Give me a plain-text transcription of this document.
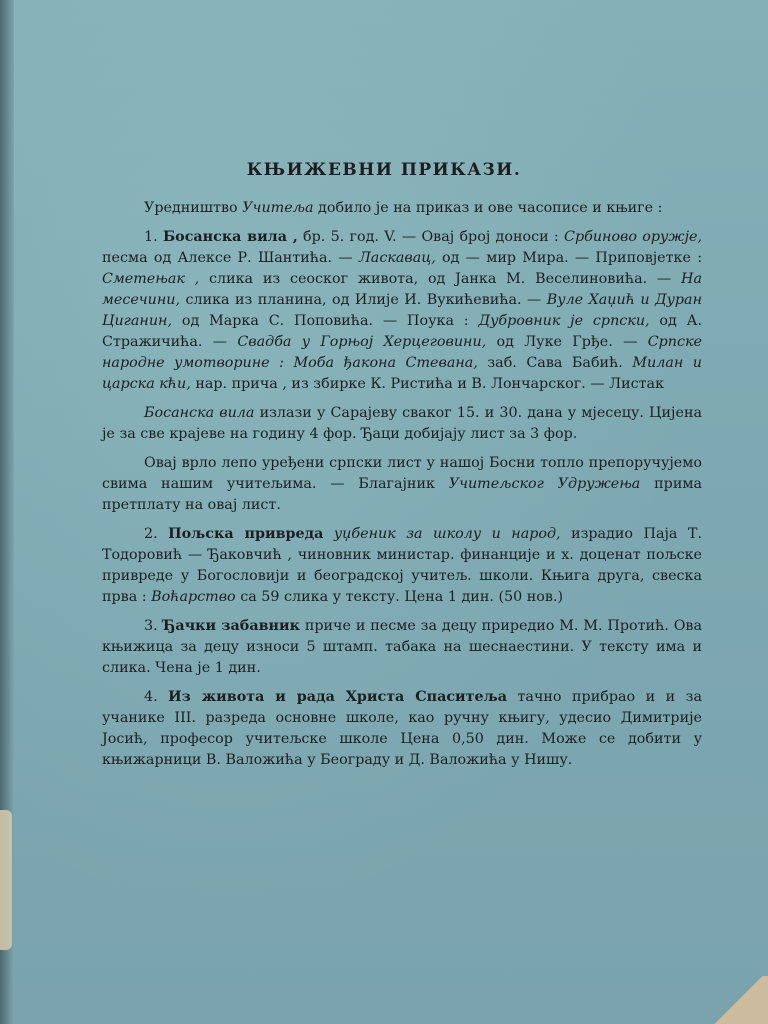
КЊИЖЕВНИ ПРИКАЗИ.

Уредништво Учитеља добило је на приказ и ове часописе и књиге :

1. Босанска вила , бр. 5. год. V. — Овај број доноси : Србиново оружје, песма од Алексе Р. Шантића. — Ласкавац, од — мир Мира. — Приповјетке : Сметењак , слика из сеоског живота, од Јанка М. Веселиновића. — На месечини, слика из планина, од Илије И. Вукићевића. — Вуле Хаџић и Дуран Циганин, од Марка С. Поповића. — Поука : Дубровник је српски, од А. Стражичића. — Свадба у Горњој Херцеговини, од Луке Грђе. — Српске народне умотворине : Моба ђакона Стевана, заб. Сава Бабић. Милан и царска кћи, нар. прича , из збирке К. Ристића и В. Лончарског. — Листак

Босанска вила излази у Сарајеву сваког 15. и 30. дана у мјесецу. Цијена је за све крајеве на годину 4 фор. Ђаци добијају лист за 3 фор.

Овај врло лепо уређени српски лист у нашој Босни топло препоручујемо свима нашим учитељима. — Благајник Учитељског Удружења прима претплату на овај лист.

2. Пољска привреда уџбеник за школу и народ, израдио Паја Т. Тодоровић — Ђаковчић , чиновник министар. финанције и х. доценат пољске привреде у Богословији и београдској учитељ. школи. Књига друга, свеска прва : Воћарство са 59 слика у тексту. Цена 1 дин. (50 нов.)

3. Ђачки забавник приче и песме за децу приредио М. М. Протић. Ова књижица за децу износи 5 штамп. табака на шеснаестини. У тексту има и слика. Чена је 1 дин.

4. Из живота и рада Христа Спаситеља тачно прибрао и и за учанике III. разреда основне школе, као ручну књигу, удесио Димитрије Јосић, професор учитељске школе Цена 0,50 дин. Може се добити у књижарници В. Валожића у Београду и Д. Валожића у Нишу.
